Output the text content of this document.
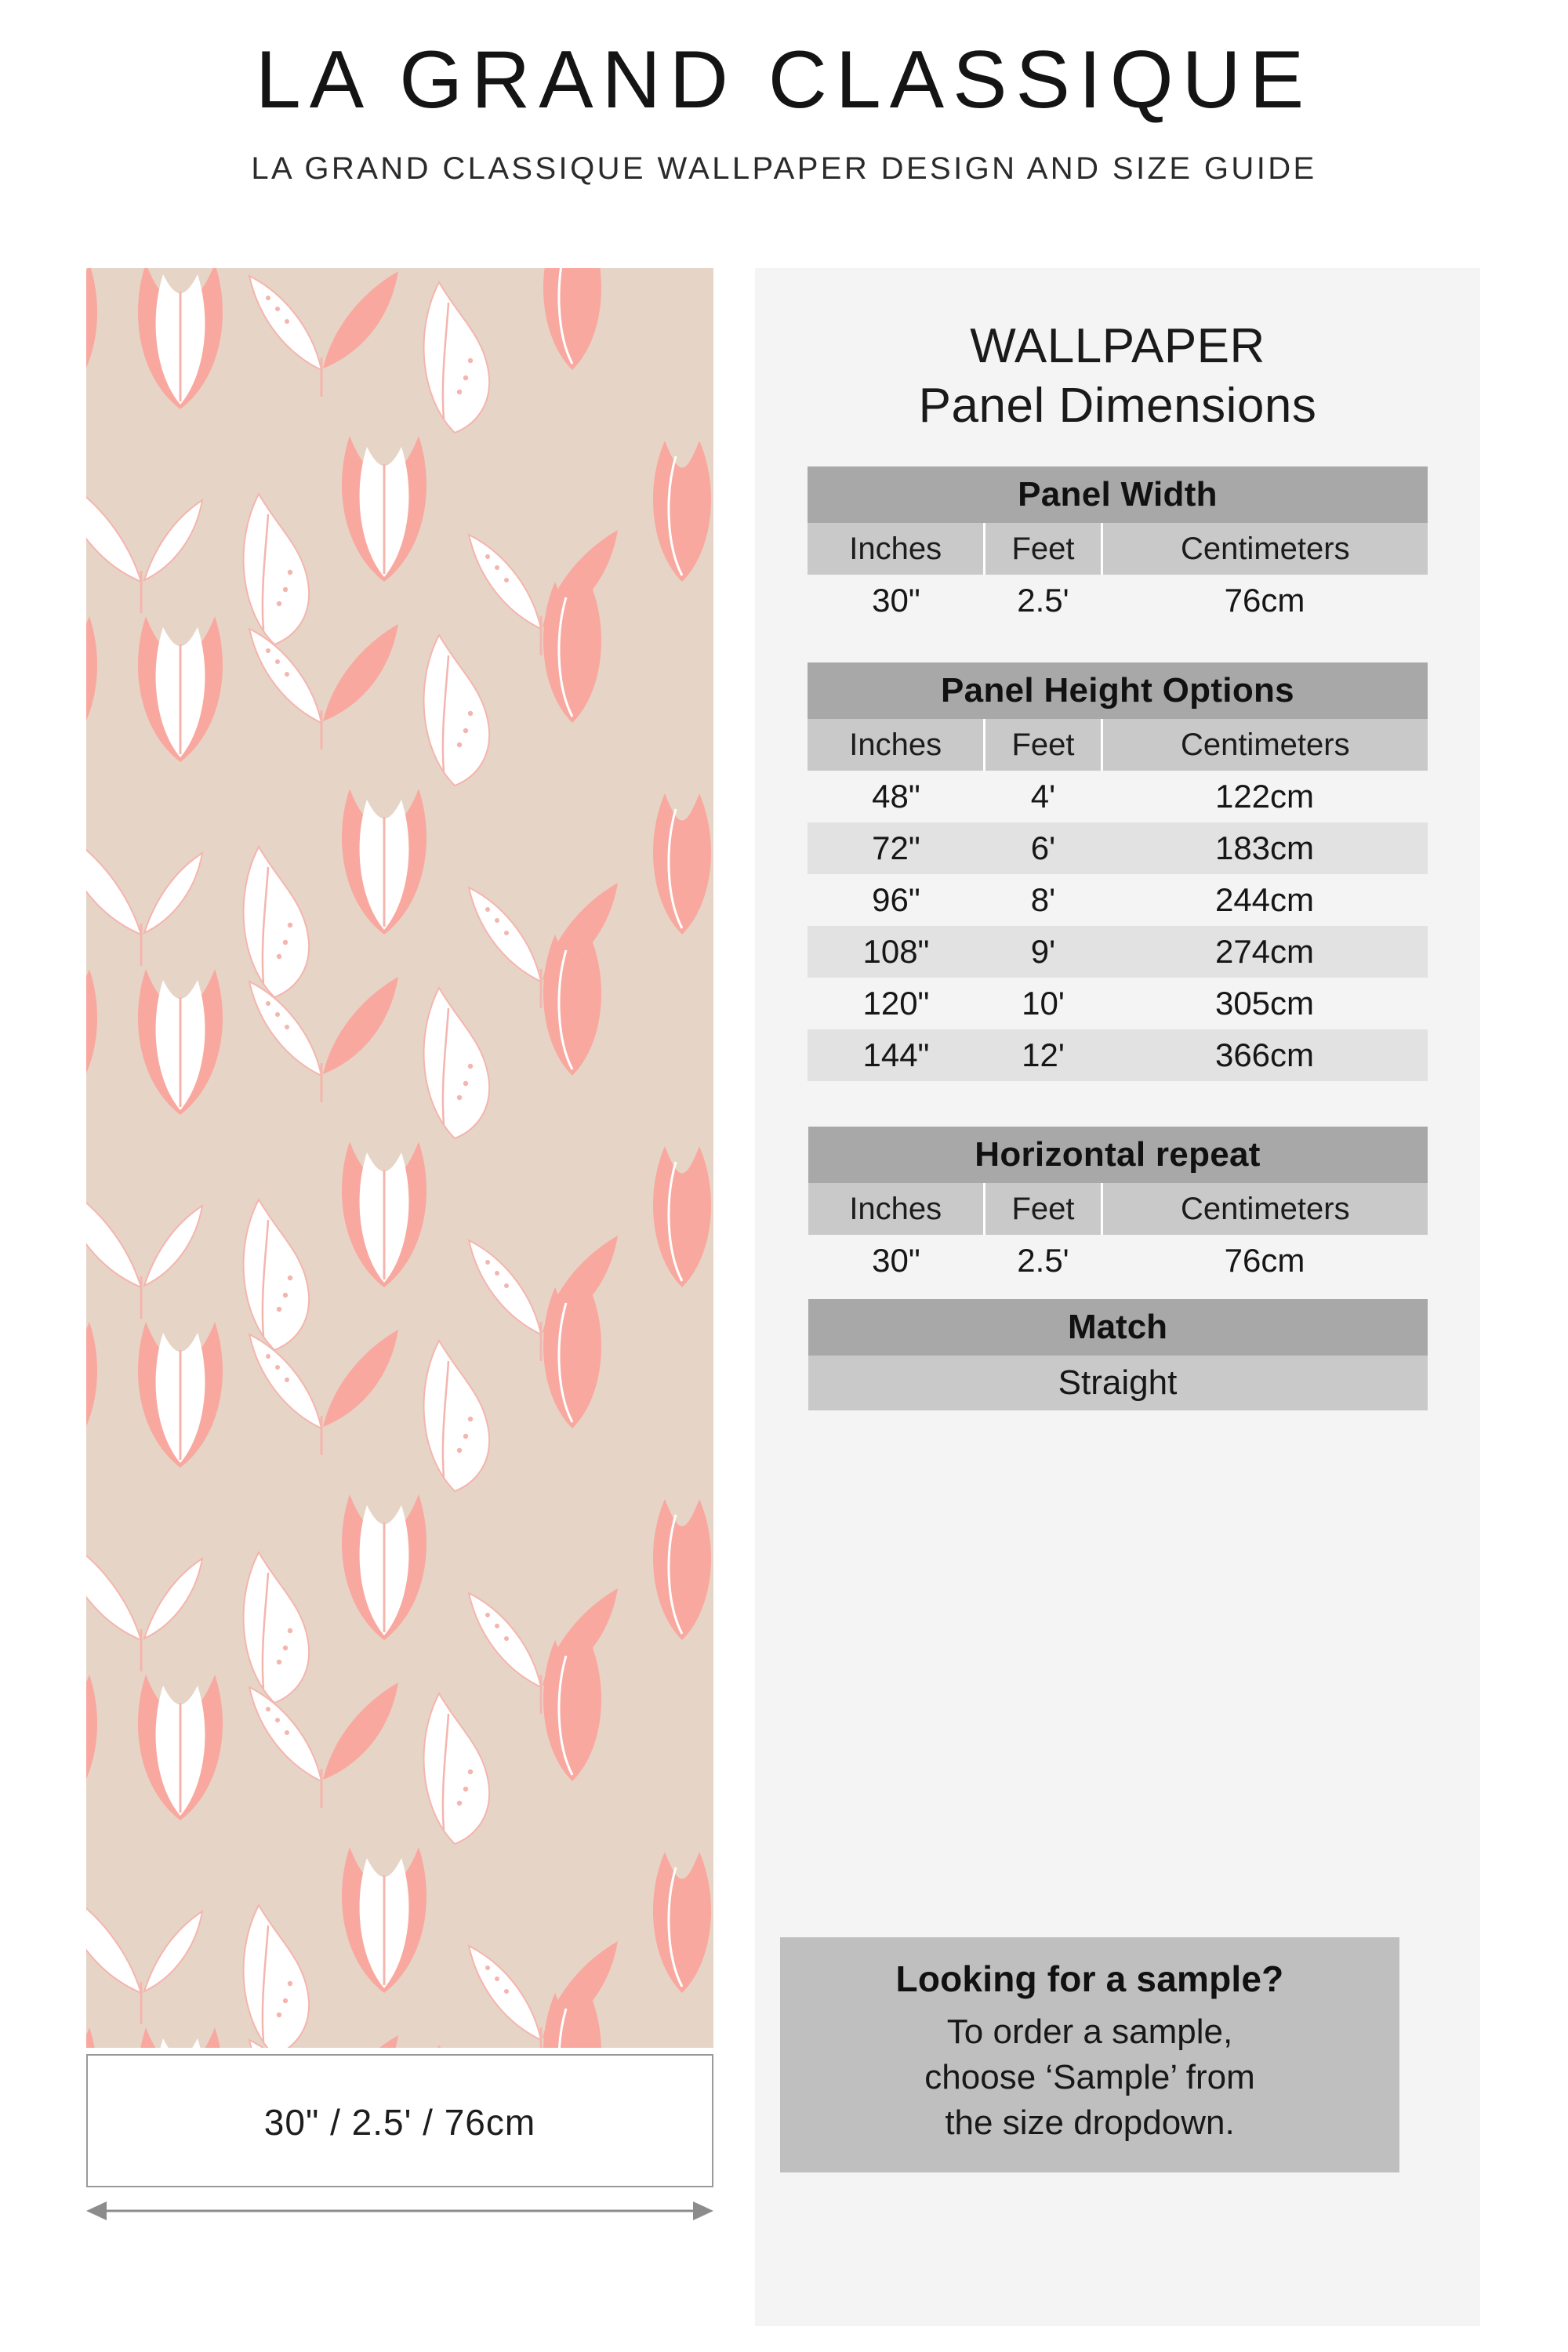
LA GRAND CLASSIQUE

LA GRAND CLASSIQUE WALLPAPER DESIGN AND SIZE GUIDE

30" / 2.5' / 76cm
WALLPAPER
Panel Dimensions
Panel Width		
Inches	Feet	Centimeters
30"	2.5'	76cm
Panel Height Options		
Inches	Feet	Centimeters
48"	4'	122cm
72"	6'	183cm
96"	8'	244cm
108"	9'	274cm
120"	10'	305cm
144"	12'	366cm
Horizontal repeat		
Inches	Feet	Centimeters
30"	2.5'	76cm
Match
Straight
Looking for a sample?

To order a sample,

choose ‘Sample’ from

the size dropdown.
